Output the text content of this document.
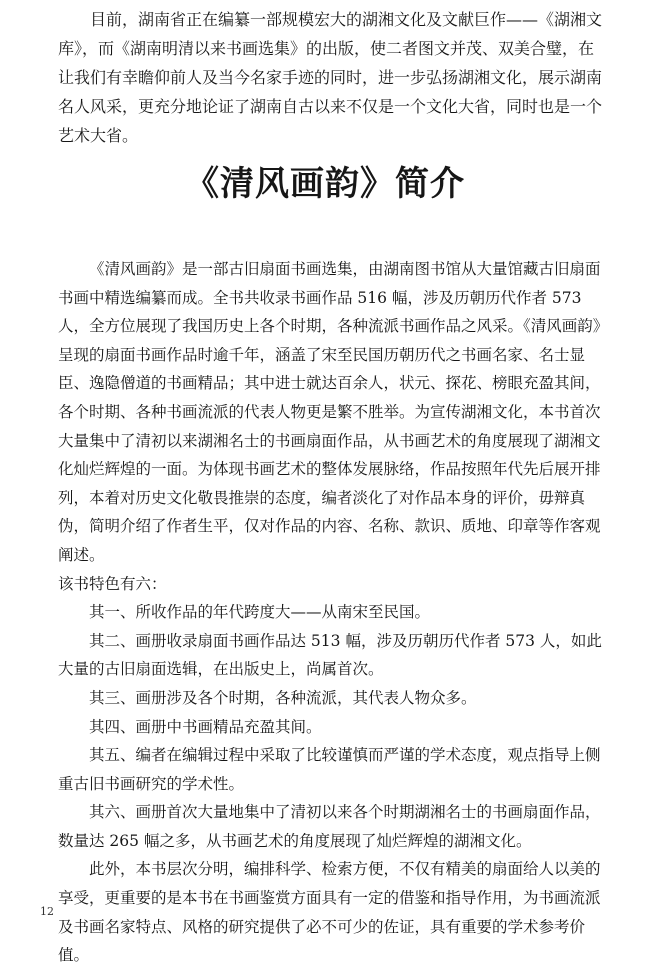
目前，湖南省正在编纂一部规模宏大的湖湘文化及文献巨作——《湖湘文库》，而《湖南明清以来书画选集》的出版，使二者图文并茂、双美合璧，在让我们有幸瞻仰前人及当今名家手迹的同时，进一步弘扬湖湘文化，展示湖南名人风采，更充分地论证了湖南自古以来不仅是一个文化大省，同时也是一个艺术大省。

《清风画韵》简介

《清风画韵》是一部古旧扇面书画选集，由湖南图书馆从大量馆藏古旧扇面书画中精选编纂而成。全书共收录书画作品 516 幅，涉及历朝历代作者 573 人，全方位展现了我国历史上各个时期，各种流派书画作品之风采。《清风画韵》呈现的扇面书画作品时逾千年，涵盖了宋至民国历朝历代之书画名家、名士显臣、逸隐僧道的书画精品；其中进士就达百余人，状元、探花、榜眼充盈其间，各个时期、各种书画流派的代表人物更是繁不胜举。为宣传湖湘文化，本书首次大量集中了清初以来湖湘名士的书画扇面作品，从书画艺术的角度展现了湖湘文化灿烂辉煌的一面。为体现书画艺术的整体发展脉络，作品按照年代先后展开排列，本着对历史文化敬畏推崇的态度，编者淡化了对作品本身的评价，毋辩真伪，简明介绍了作者生平，仅对作品的内容、名称、款识、质地、印章等作客观阐述。

该书特色有六：

其一、所收作品的年代跨度大——从南宋至民国。

其二、画册收录扇面书画作品达 513 幅，涉及历朝历代作者 573 人，如此大量的古旧扇面选辑，在出版史上，尚属首次。

其三、画册涉及各个时期，各种流派，其代表人物众多。

其四、画册中书画精品充盈其间。

其五、编者在编辑过程中采取了比较谨慎而严谨的学术态度，观点指导上侧重古旧书画研究的学术性。

其六、画册首次大量地集中了清初以来各个时期湖湘名士的书画扇面作品，数量达 265 幅之多，从书画艺术的角度展现了灿烂辉煌的湖湘文化。

此外，本书层次分明，编排科学、检索方便，不仅有精美的扇面给人以美的享受，更重要的是本书在书画鉴赏方面具有一定的借鉴和指导作用，为书画流派及书画名家特点、风格的研究提供了必不可少的佐证，具有重要的学术参考价值。

12
